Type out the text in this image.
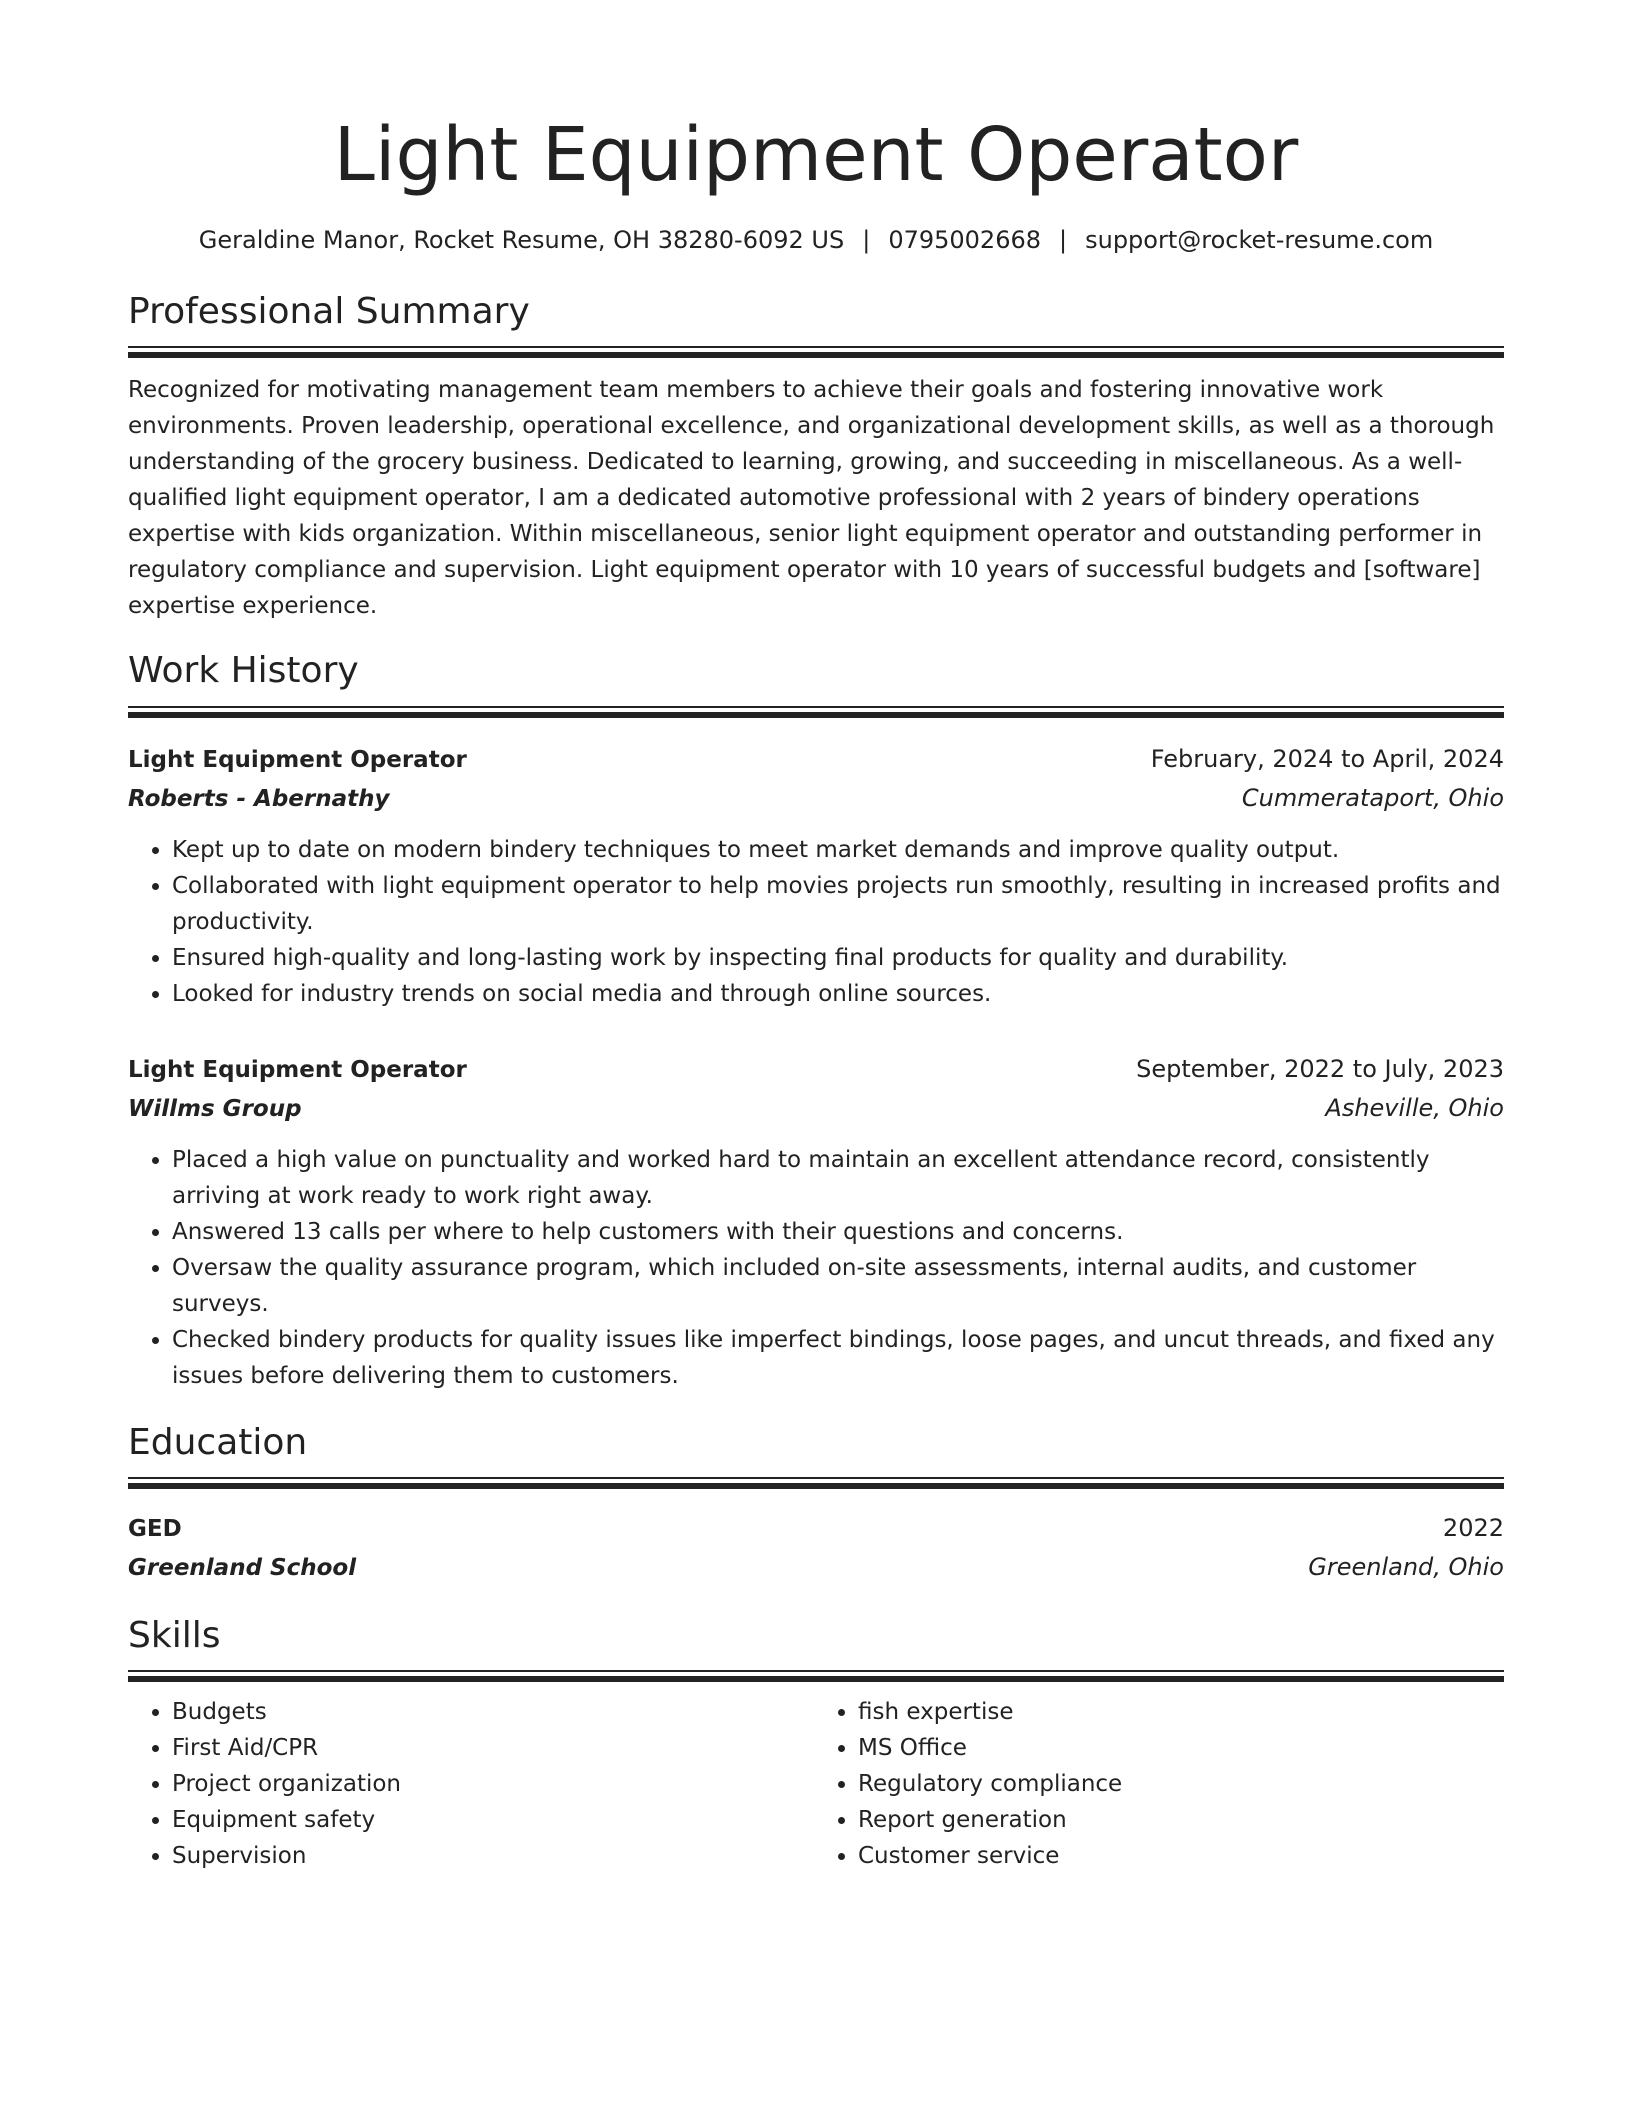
Light Equipment Operator
Geraldine Manor, Rocket Resume, OH 38280-6092 US | 0795002668 | support@rocket-resume.com
Professional Summary
Recognized for motivating management team members to achieve their goals and fostering innovative work environments. Proven leadership, operational excellence, and organizational development skills, as well as a thorough understanding of the grocery business. Dedicated to learning, growing, and succeeding in miscellaneous. As a well-qualified light equipment operator, I am a dedicated automotive professional with 2 years of bindery operations expertise with kids organization. Within miscellaneous, senior light equipment operator and outstanding performer in regulatory compliance and supervision. Light equipment operator with 10 years of successful budgets and [software] expertise experience.
Work History
Light Equipment Operator	February, 2024 to April, 2024
Roberts - Abernathy	Cummerataport, Ohio
• Kept up to date on modern bindery techniques to meet market demands and improve quality output.
• Collaborated with light equipment operator to help movies projects run smoothly, resulting in increased profits and productivity.
• Ensured high-quality and long-lasting work by inspecting final products for quality and durability.
• Looked for industry trends on social media and through online sources.
Light Equipment Operator	September, 2022 to July, 2023
Willms Group	Asheville, Ohio
• Placed a high value on punctuality and worked hard to maintain an excellent attendance record, consistently arriving at work ready to work right away.
• Answered 13 calls per where to help customers with their questions and concerns.
• Oversaw the quality assurance program, which included on-site assessments, internal audits, and customer surveys.
• Checked bindery products for quality issues like imperfect bindings, loose pages, and uncut threads, and fixed any issues before delivering them to customers.
Education
GED	2022
Greenland School	Greenland, Ohio
Skills
• Budgets
• First Aid/CPR
• Project organization
• Equipment safety
• Supervision
• fish expertise
• MS Office
• Regulatory compliance
• Report generation
• Customer service
